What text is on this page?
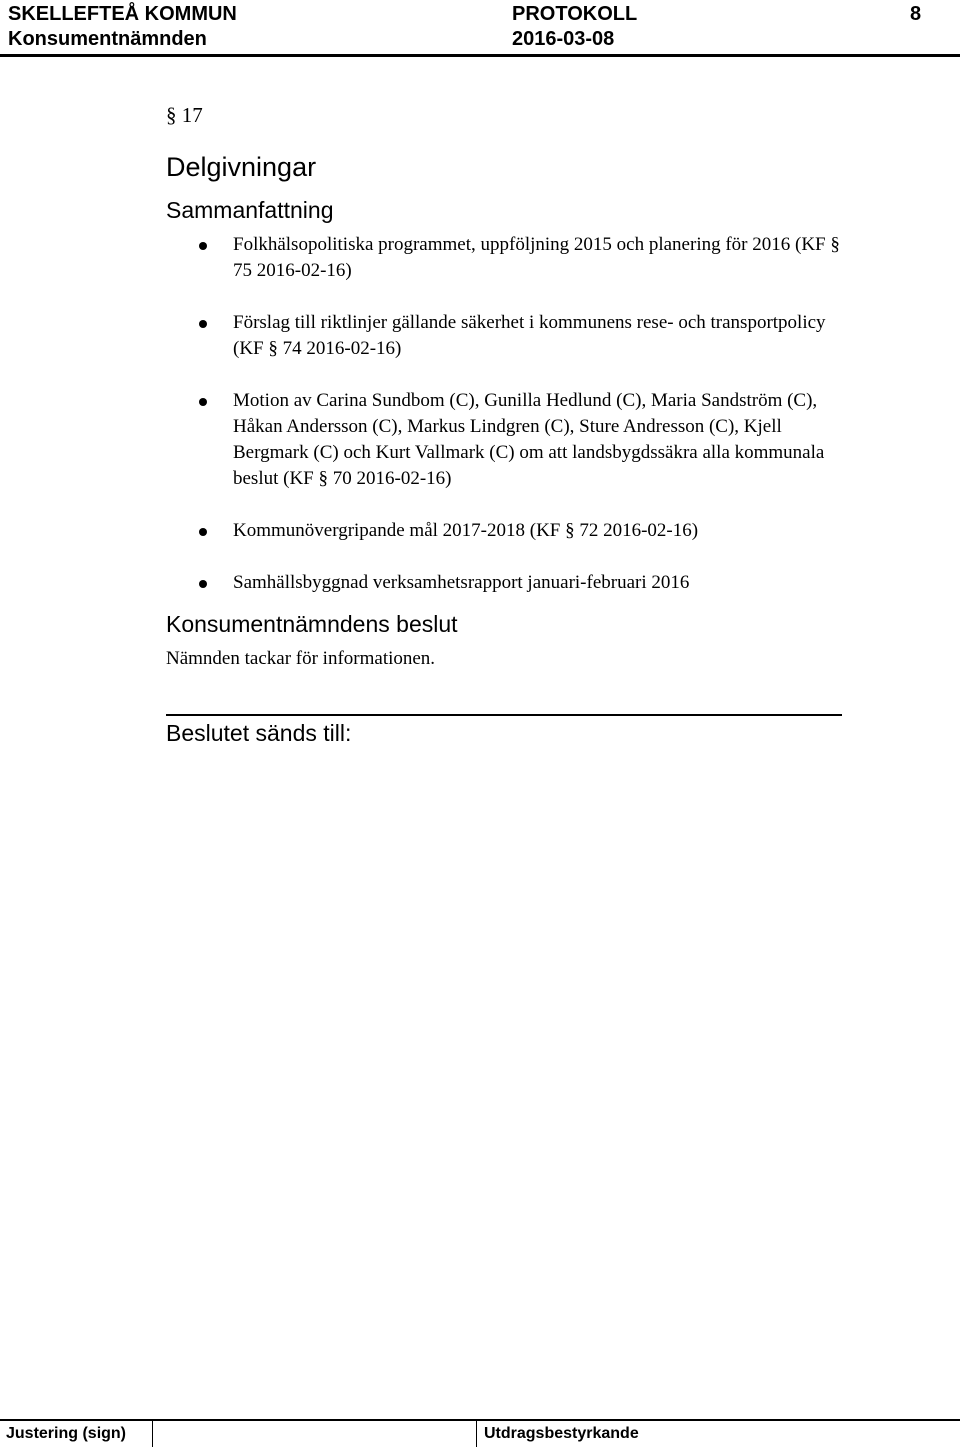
SKELLEFTEÅ KOMMUN	PROTOKOLL	8
Konsumentnämnden	2016-03-08
§ 17
Delgivningar
Sammanfattning
Folkhälsopolitiska programmet, uppföljning 2015 och planering för 2016 (KF § 75 2016-02-16)
Förslag till riktlinjer gällande säkerhet i kommunens rese- och transportpolicy (KF § 74 2016-02-16)
Motion av Carina Sundbom (C), Gunilla Hedlund (C), Maria Sandström (C), Håkan Andersson (C), Markus Lindgren (C), Sture Andresson (C), Kjell Bergmark (C) och Kurt Vallmark (C) om att landsbygdssäkra alla kommunala beslut (KF § 70 2016-02-16)
Kommunövergripande mål 2017-2018 (KF § 72 2016-02-16)
Samhällsbyggnad verksamhetsrapport januari-februari 2016
Konsumentnämndens beslut
Nämnden tackar för informationen.
Beslutet sänds till:
Justering (sign)	Utdragsbestyrkande
